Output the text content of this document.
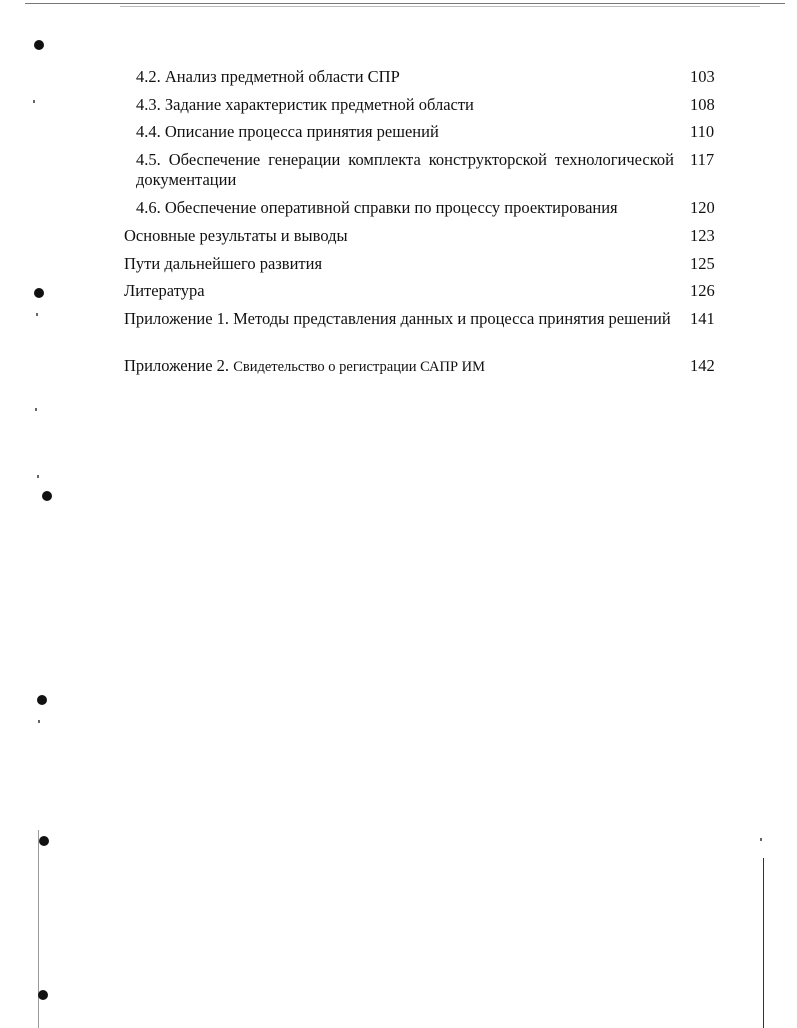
4.2. Анализ предметной области СПР	103
4.3. Задание характеристик предметной области	108
4.4. Описание процесса принятия решений	110
4.5. Обеспечение генерации комплекта конструкторской технологической документации
117
4.6. Обеспечение оперативной справки по процессу проектирования	120
Основные результаты и выводы	123
Пути дальнейшего развития	125
Литература	126
Приложение 1. Методы представления данных и процесса принятия решений 141
Приложение 2. Свидетельство о регистрации САПР ИМ	142
